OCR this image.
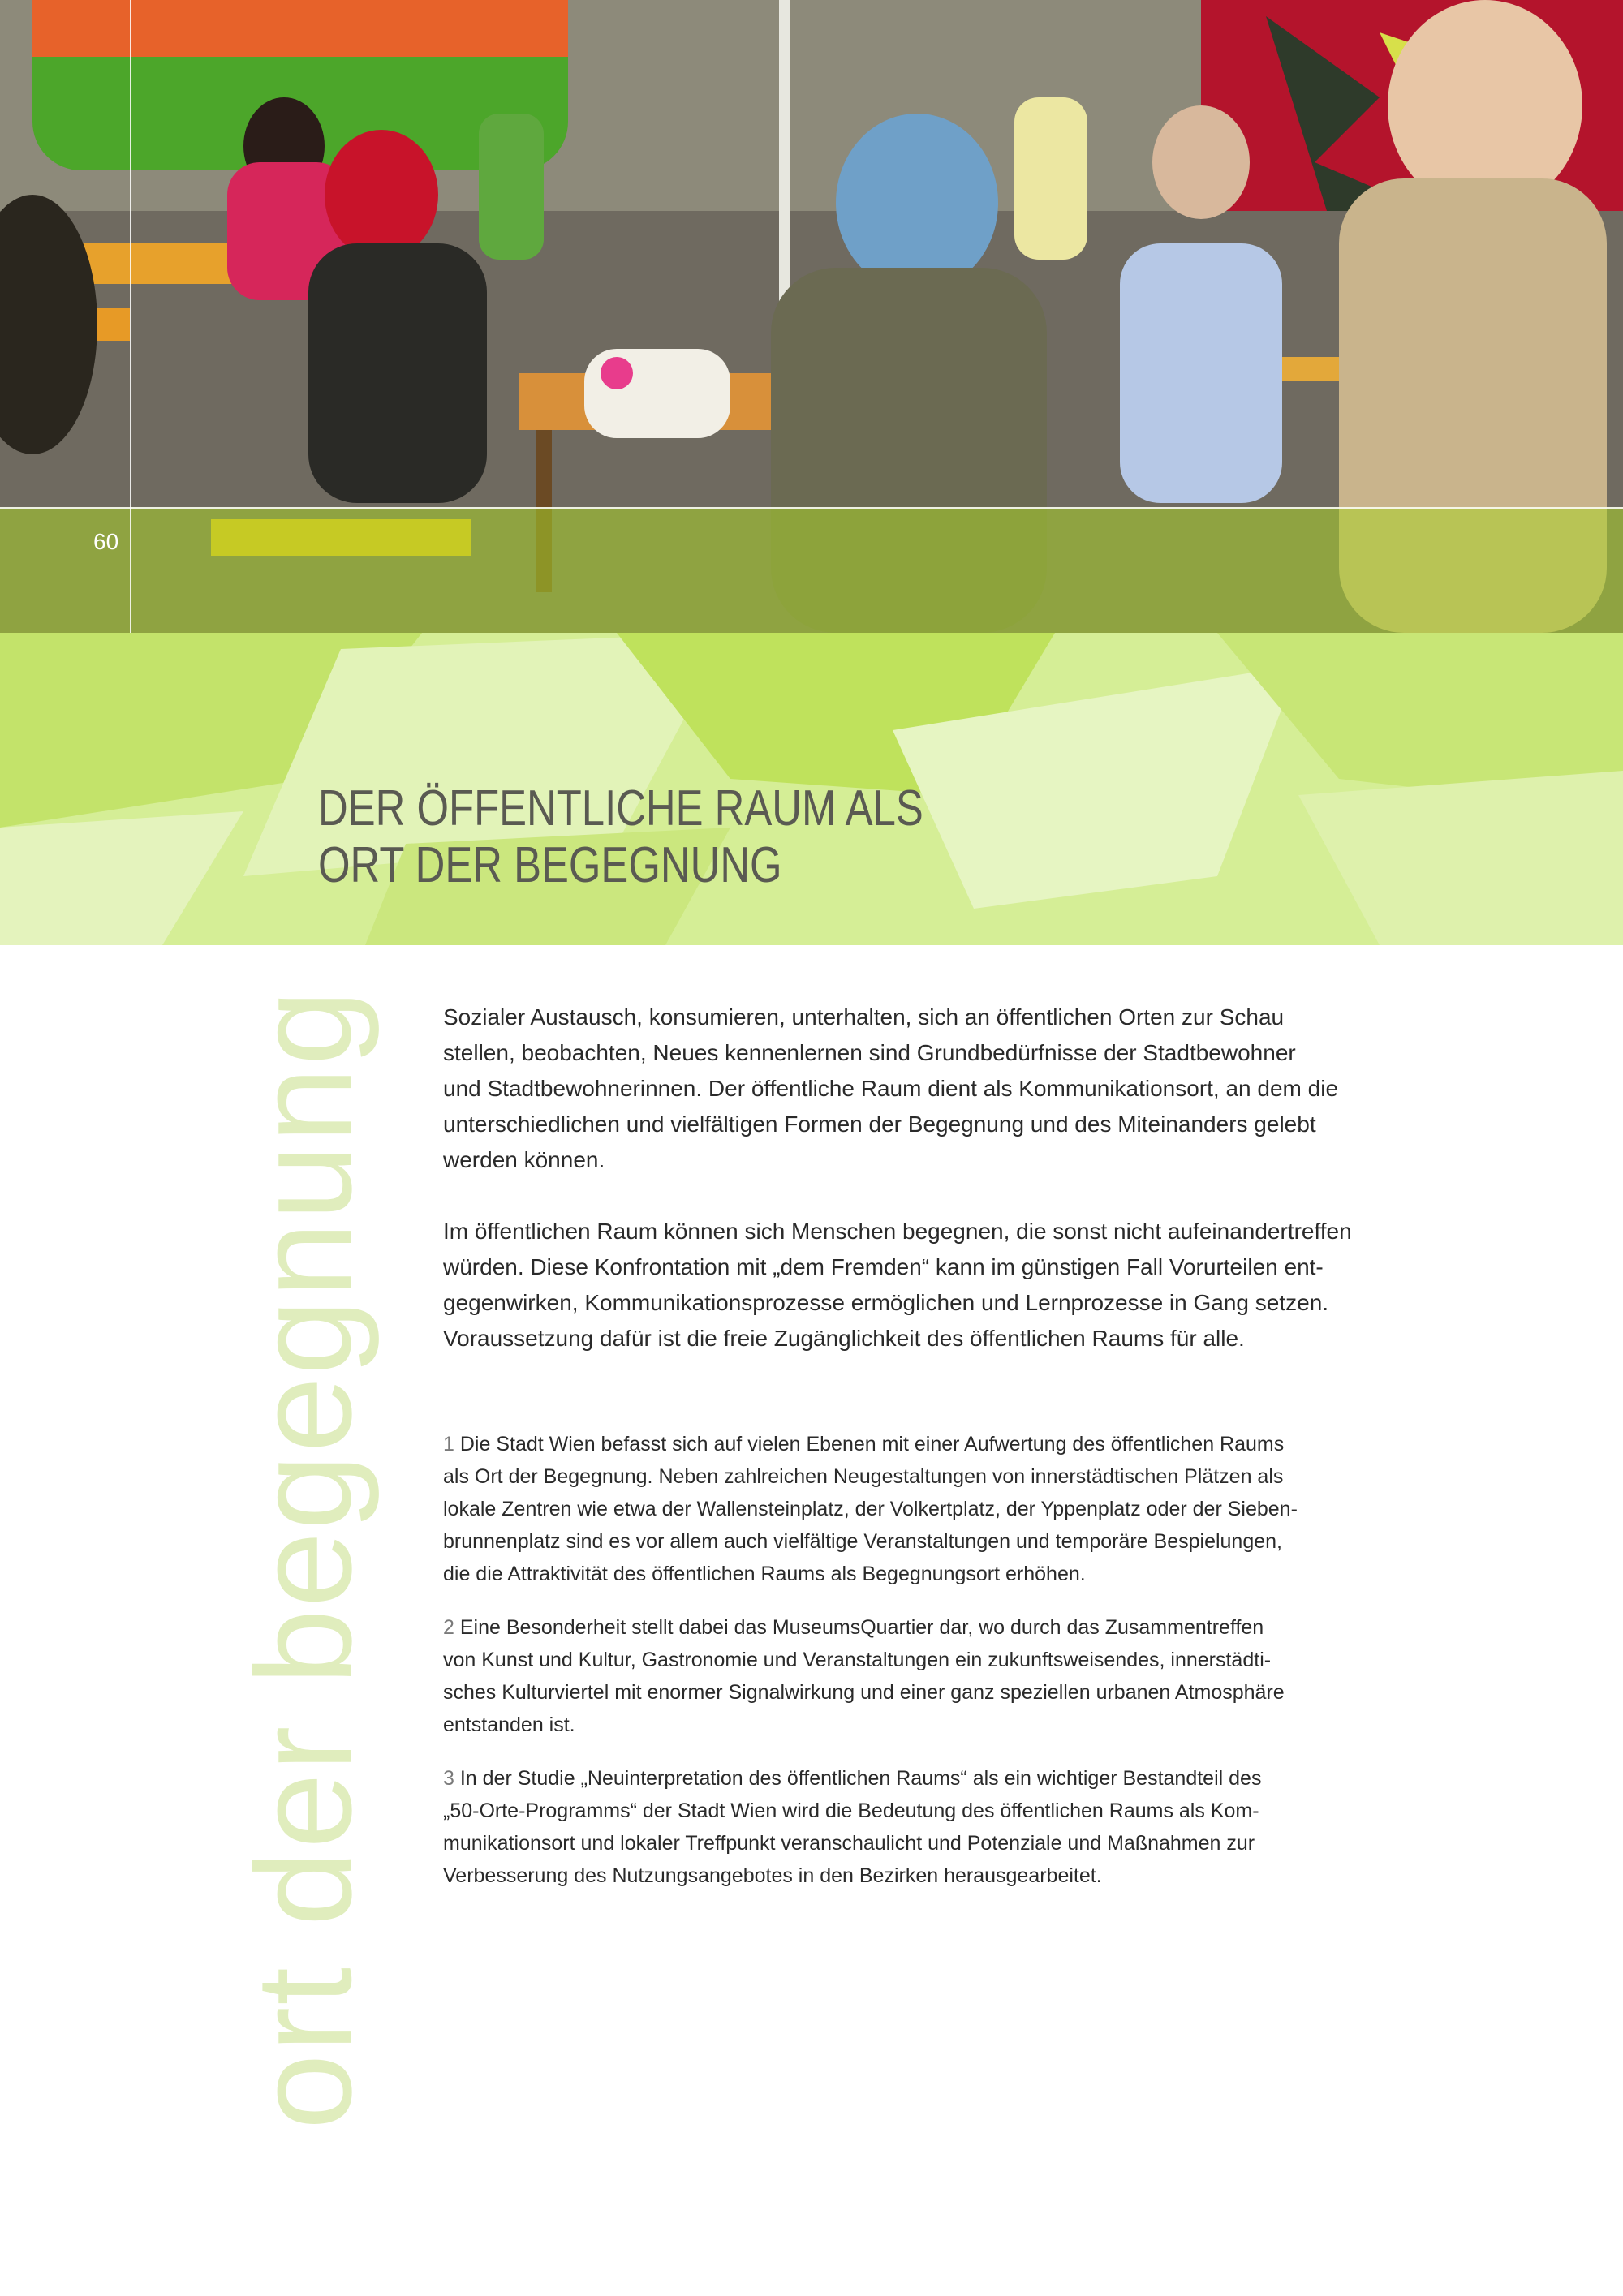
60
DER ÖFFENTLICHE RAUM ALS
ORT DER BEGEGNUNG
ort der begegnung	Sozialer Austausch, konsumieren, unterhalten, sich an öffentlichen Orten zur Schau
stellen, beobachten, Neues kennenlernen sind Grundbedürfnisse der Stadtbewohner
und Stadtbewohnerinnen. Der öffentliche Raum dient als Kommunikationsort, an dem die
unterschiedlichen und vielfältigen Formen der Begegnung und des Miteinanders gelebt
werden können.
Im öffentlichen Raum können sich Menschen begegnen, die sonst nicht aufeinandertreffen
würden. Diese Konfrontation mit „dem Fremden“ kann im günstigen Fall Vorurteilen ent-
gegenwirken, Kommunikationsprozesse ermöglichen und Lernprozesse in Gang setzen.
Voraussetzung dafür ist die freie Zugänglichkeit des öffentlichen Raums für alle.
1 Die Stadt Wien befasst sich auf vielen Ebenen mit einer Aufwertung des öffentlichen Raums
als Ort der Begegnung. Neben zahlreichen Neugestaltungen von innerstädtischen Plätzen als
lokale Zentren wie etwa der Wallensteinplatz, der Volkertplatz, der Yppenplatz oder der Sieben-
brunnenplatz sind es vor allem auch vielfältige Veranstaltungen und temporäre Bespielungen,
die die Attraktivität des öffentlichen Raums als Begegnungsort erhöhen.
2 Eine Besonderheit stellt dabei das MuseumsQuartier dar, wo durch das Zusammentreffen
von Kunst und Kultur, Gastronomie und Veranstaltungen ein zukunftsweisendes, innerstädti-
sches Kulturviertel mit enormer Signalwirkung und einer ganz speziellen urbanen Atmosphäre
entstanden ist.
3 In der Studie „Neuinterpretation des öffentlichen Raums“ als ein wichtiger Bestandteil des
„50-Orte-Programms“ der Stadt Wien wird die Bedeutung des öffentlichen Raums als Kom-
munikationsort und lokaler Treffpunkt veranschaulicht und Potenziale und Maßnahmen zur
Verbesserung des Nutzungsangebotes in den Bezirken herausgearbeitet.
